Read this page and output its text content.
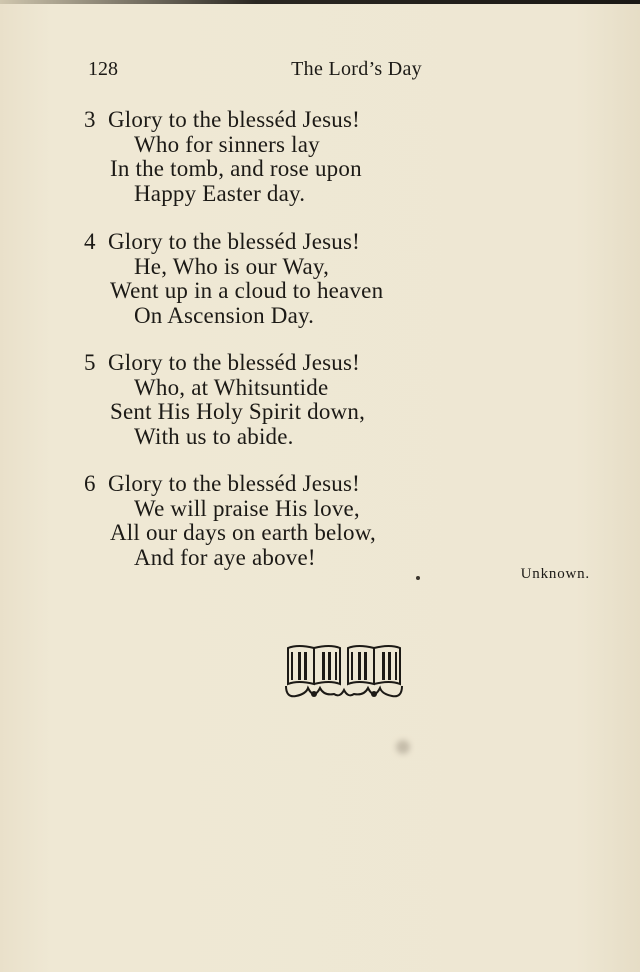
128	The Lord’s Day
3 Glory to the blesséd Jesus!
Who for sinners lay
In the tomb, and rose upon
Happy Easter day.
4 Glory to the blesséd Jesus!
He, Who is our Way,
Went up in a cloud to heaven
On Ascension Day.
5 Glory to the blesséd Jesus!
Who, at Whitsuntide
Sent His Holy Spirit down,
With us to abide.
6 Glory to the blesséd Jesus!
We will praise His love,
All our days on earth below,
And for aye above!
Unknown.
